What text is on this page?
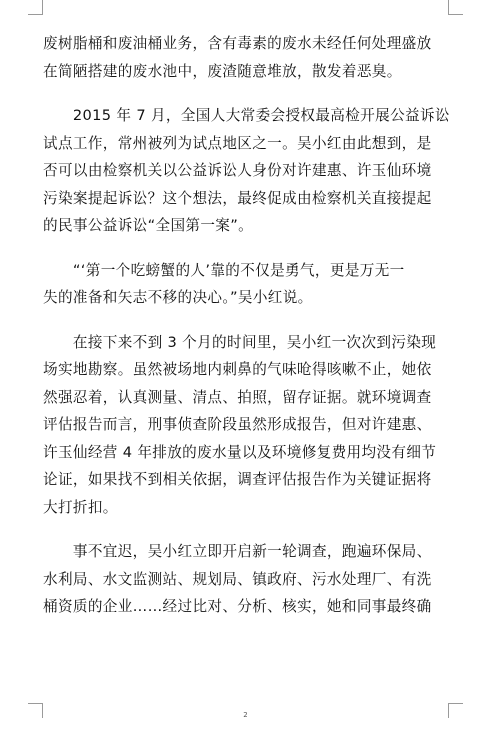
废树脂桶和废油桶业务，含有毒素的废水未经任何处理盛放
在简陋搭建的废水池中，废渣随意堆放，散发着恶臭。

　　2015 年 7 月，全国人大常委会授权最高检开展公益诉讼
试点工作，常州被列为试点地区之一。吴小红由此想到，是
否可以由检察机关以公益诉讼人身份对许建惠、许玉仙环境
污染案提起诉讼？这个想法，最终促成由检察机关直接提起
的民事公益诉讼“全国第一案”。

　　“‘第一个吃螃蟹的人’靠的不仅是勇气，更是万无一
失的准备和矢志不移的决心。”吴小红说。

　　在接下来不到 3 个月的时间里，吴小红一次次到污染现
场实地勘察。虽然被场地内刺鼻的气味呛得咳嗽不止，她依
然强忍着，认真测量、清点、拍照，留存证据。就环境调查
评估报告而言，刑事侦查阶段虽然形成报告，但对许建惠、
许玉仙经营 4 年排放的废水量以及环境修复费用均没有细节
论证，如果找不到相关依据，调查评估报告作为关键证据将
大打折扣。

　　事不宜迟，吴小红立即开启新一轮调查，跑遍环保局、
水利局、水文监测站、规划局、镇政府、污水处理厂、有洗
桶资质的企业……经过比对、分析、核实，她和同事最终确

2
